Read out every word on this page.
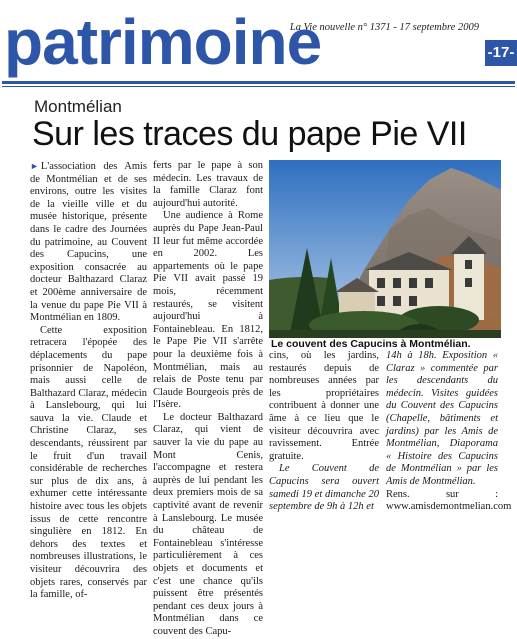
patrimoine
La Vie nouvelle n° 1371 - 17 septembre 2009
-17-
Montmélian
Sur les traces du pape Pie VII

► L'association des Amis de Montmélian et de ses environs, outre les visites de la vieille ville et du musée historique, présente dans le cadre des Journées du patrimoine, au Couvent des Capucins, une exposition consacrée au docteur Balthazard Claraz et 200ème anniversaire de la venue du pape Pie VII à Montmélian en 1809.

Cette exposition retracera l'épopée des déplacements du pape prisonnier de Napoléon, mais aussi celle de Balthazard Claraz, médecin à Lanslebourg, qui lui sauva la vie. Claude et Christine Claraz, ses descendants, réussirent par le fruit d'un travail considérable de recherches sur plus de dix ans, à exhumer cette intéressante histoire avec tous les objets issus de cette rencontre singulière en 1812. En dehors des textes et nombreuses illustrations, le visiteur découvrira des objets rares, conservés par la famille, of-

ferts par le pape à son médecin. Les travaux de la famille Claraz font aujourd'hui autorité.

Une audience à Rome auprès du Pape Jean-Paul II leur fut même accordée en 2002. Les appartements où le pape Pie VII avait passé 19 mois, récemment restaurés, se visitent aujourd'hui à Fontainebleau. En 1812, le Pape Pie VII s'arrête pour la deuxième fois à Montmélian, mais au relais de Poste tenu par Claude Bourgeois près de l'Isère.

Le docteur Balthazard Claraz, qui vient de sauver la vie du pape au Mont Cenis, l'accompagne et restera auprès de lui pendant les deux premiers mois de sa captivité avant de revenir à Lanslebourg. Le musée du château de Fontainebleau s'intéresse particulièrement à ces objets et documents et c'est une chance qu'ils puissent être présentés pendant ces deux jours à Montmélian dans ce couvent des Capu-

Le couvent des Capucins à Montmélian.

cins, où les jardins, restaurés depuis de nombreuses années par les propriétaires contribuent à donner une âme à ce lieu que le visiteur découvrira avec ravissement. Entrée gratuite.

Le Couvent de Capucins sera ouvert samedi 19 et dimanche 20 septembre de 9h à 12h et

14h à 18h. Exposition « Claraz » commentée par les descendants du médecin. Visites guidées du Couvent des Capucins (Chapelle, bâtiments et jardins) par les Amis de Montmélian, Diaporama « Histoire des Capucins de Montmélian » par les Amis de Montmélian.

Rens. sur : www.amisdemontmelian.com
